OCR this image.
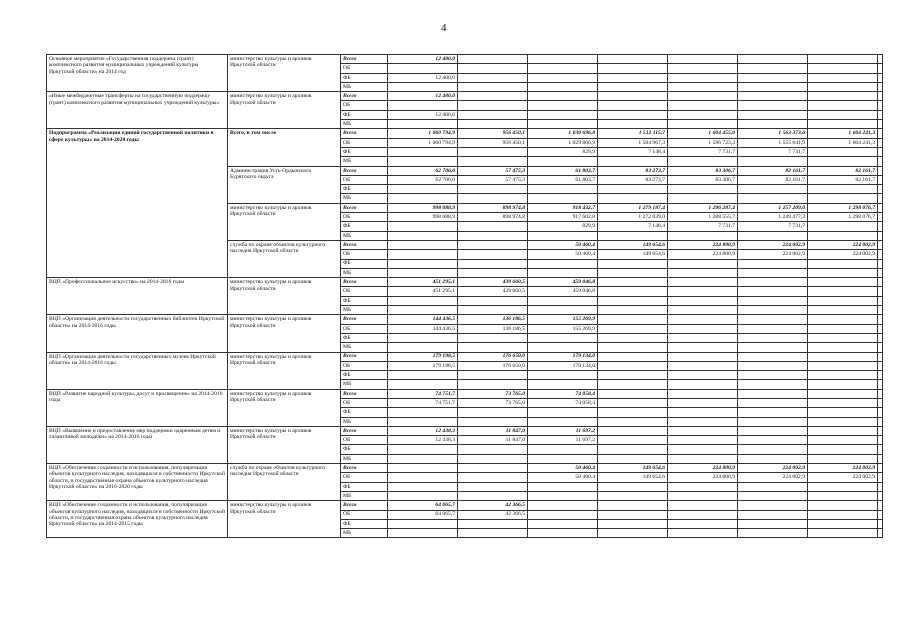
4
Основное мероприятие «Государственная поддержка (грант) комплексного развития муниципальных учреждений культуры Иркутской области» на 2014 год	министерство культуры и архивов Иркутской области	Всего	12 400,0							
		ОБ								
		ФБ	12 400,0							
		МБ								
«Иные межбюджетные трансферты на государственную поддержку (грант) комплексного развития муниципальных учреждений культуры»	министерство культуры и архивов Иркутской области	Всего	12 400,0							
		ОБ								
		ФБ	12 400,0							
		МБ								
Подпрограмма «Реализация единой государственной политики в сфере культуры» на 2014-2020 годы	Всего, в том числе	Всего	1 060 794,9	956 450,1	1 030 696,8	1 512 115,7	1 604 455,0	1 563 373,6	1 604 241,3	
		ОБ	1 060 794,9	956 450,1	1 029 866,9	1 504 967,3	1 596 723,3	1 555 641,9	1 604 241,3	
		ФБ			829,9	7 148,4	7 731,7	7 731,7		
		МБ								
	Администрация Усть-Ордынского Бурятского округа	Всего	62 706,0	57 475,3	61 803,7	83 273,7	83 306,7	82 161,7	82 161,7	
		ОБ	62 706,0	57 475,3	61 803,7	83 273,7	83 306,7	82 161,7	82 161,7	
		ФБ								
		МБ								
	министерство культуры и архивов Иркутской области	Всего	998 088,9	898 974,8	918 432,7	1 279 187,4	1 296 287,4	1 257 209,0	1 298 076,7	
		ОБ	998 088,9	898 974,8	917 602,8	1 272 039,0	1 288 555,7	1 249 477,3	1 298 076,7	
		ФБ			829,9	7 148,4	7 731,7	7 731,7		
		МБ								
	служба по охране объектов культурного наследия Иркутской области	Всего			50 460,4	149 654,6	224 800,9	224 002,9	224 002,9	
		ОБ			50 460,4	149 654,6	224 800,9	224 002,9	224 002,9	
		ФБ								
		МБ								
ВЦП «Профессиональное искусство» на 2014-2016 годы	министерство культуры и архивов Иркутской области	Всего	451 295,1	439 660,5	459 046,8					
		ОБ	451 295,1	439 660,5	459 046,8					
		ФБ								
		МБ								
ВЦП «Организация деятельности государственных библиотек Иркутской области» на 2014-2016 годы	министерство культуры и архивов Иркутской области	Всего	144 436,5	136 186,5	155 269,9					
		ОБ	144 436,5	136 186,5	155 269,9					
		ФБ								
		МБ								
ВЦП «Организация деятельности государственных музеев Иркутской области» на 2014-2016 годы	министерство культуры и архивов Иркутской области	Всего	179 198,5	176 650,0	179 134,0					
		ОБ	179 198,5	176 650,0	179 134,0					
		ФБ								
		МБ								
ВЦП «Развитие народной культуры, досуг и просвещение» на 2014-2016 годы	министерство культуры и архивов Иркутской области	Всего	74 751,7	73 765,0	74 058,4					
		ОБ	74 751,7	73 765,0	74 058,4					
		ФБ								
		МБ								
ВЦП «Выявление и предоставление мер поддержки одаренным детям и талантливой молодежи» на 2014-2016 годы	министерство культуры и архивов Иркутской области	Всего	12 438,3	11 847,0	11 697,2					
		ОБ	12 438,3	11 847,0	11 697,2					
		ФБ								
		МБ								
ВЦП «Обеспечение сохранности и использования, популяризация объектов культурного наследия, находящихся в собственности Иркутской области, и государственная охрана объектов культурного наследия Иркутской области» на 2016-2020 годы	служба по охране объектов культурного наследия Иркутской области	Всего			50 460,4	149 654,6	224 800,9	224 002,9	224 002,9	
		ОБ			50 460,4	149 654,6	224 800,9	224 002,9	224 002,9	
		ФБ								
		МБ								
ВЦП «Обеспечение сохранности и использования, популяризация объектов культурного наследия, находящихся в собственности Иркутской области, и государственная охрана объектов культурного наследия Иркутской области» на 2014-2015 годы	министерство культуры и архивов Иркутской области	Всего	64 065,7	42 366,5						
		ОБ	64 065,7	42 366,5						
		ФБ								
		МБ								
